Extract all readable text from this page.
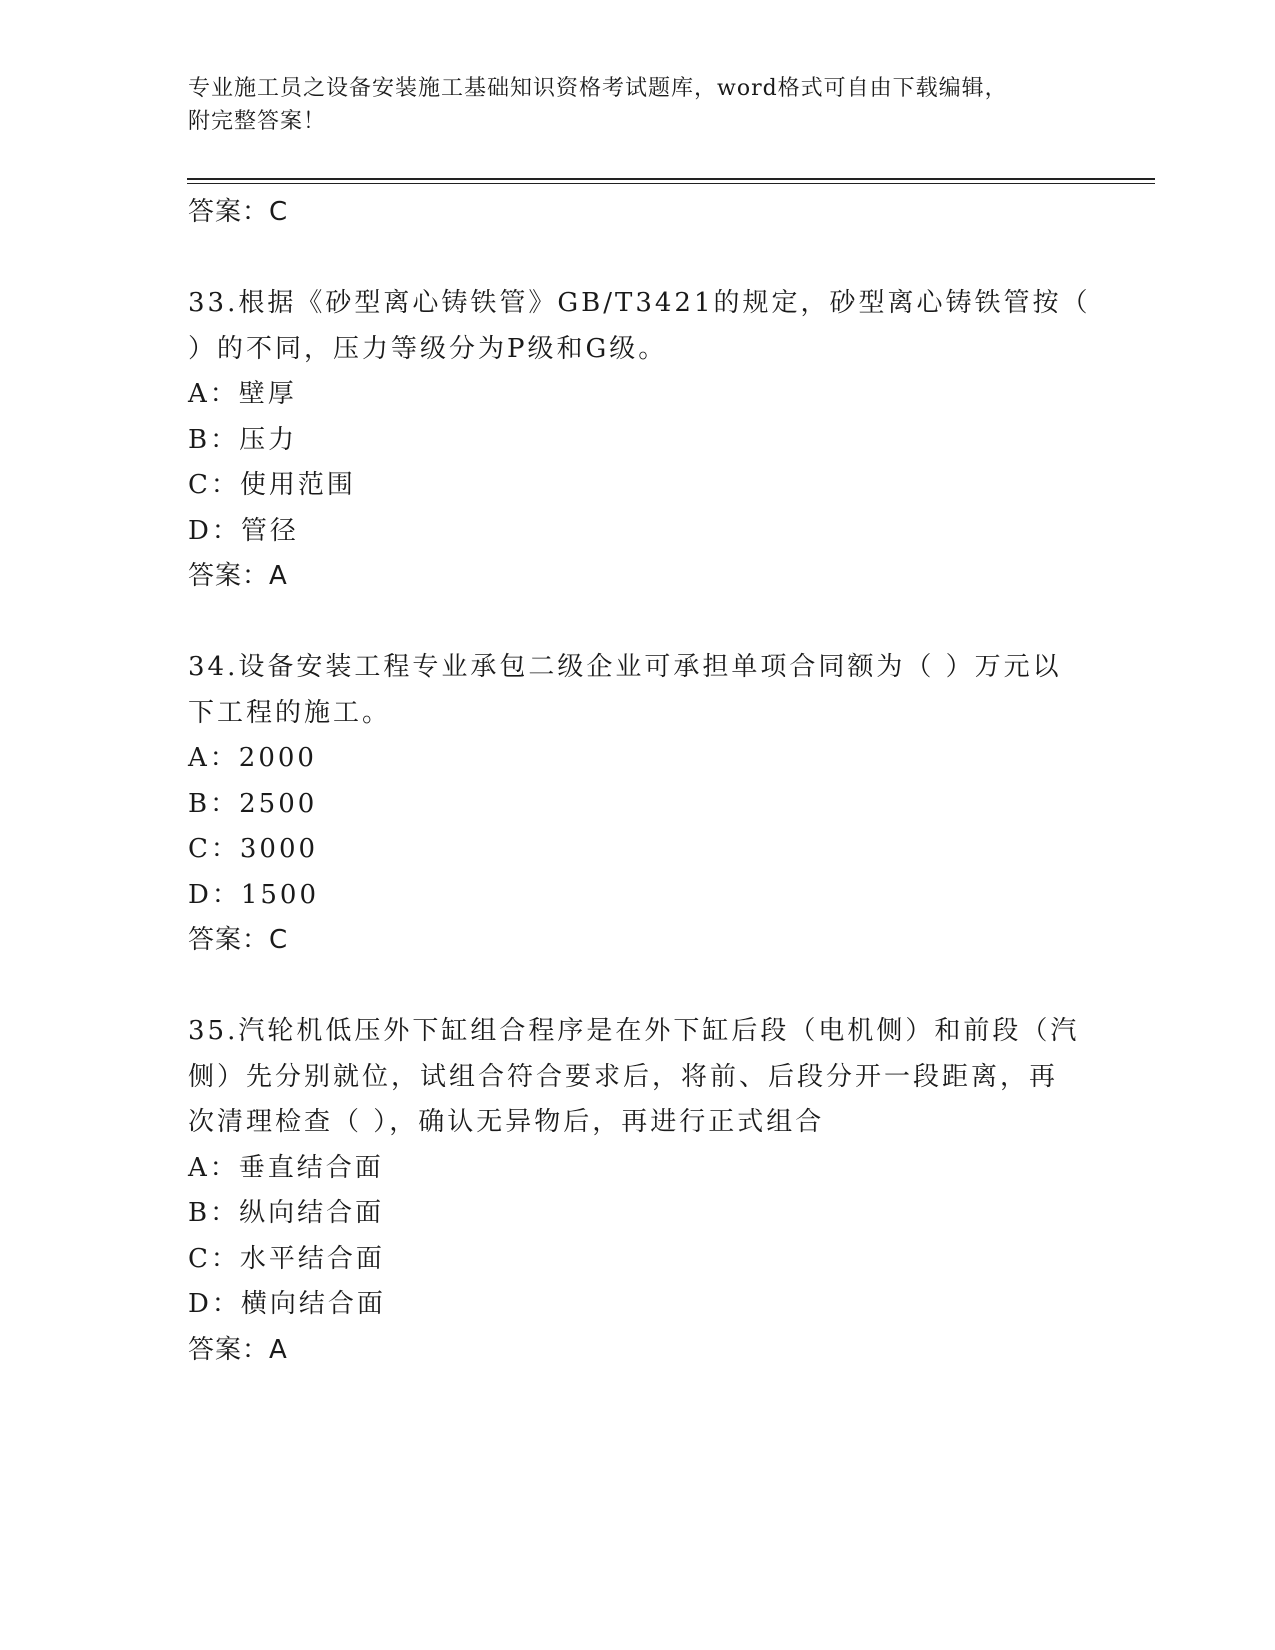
专业施工员之设备安装施工基础知识资格考试题库，word格式可自由下载编辑，
附完整答案！
答案：C
33.根据《砂型离心铸铁管》GB/T3421的规定，砂型离心铸铁管按（
）的不同，压力等级分为P级和G级。
A：壁厚
B：压力
C：使用范围
D：管径
答案：A
34.设备安装工程专业承包二级企业可承担单项合同额为（ ）万元以
下工程的施工。
A：2000
B：2500
C：3000
D：1500
答案：C
35.汽轮机低压外下缸组合程序是在外下缸后段（电机侧）和前段（汽
侧）先分别就位，试组合符合要求后，将前、后段分开一段距离，再
次清理检查（ ），确认无异物后，再进行正式组合
A：垂直结合面
B：纵向结合面
C：水平结合面
D：横向结合面
答案：A
